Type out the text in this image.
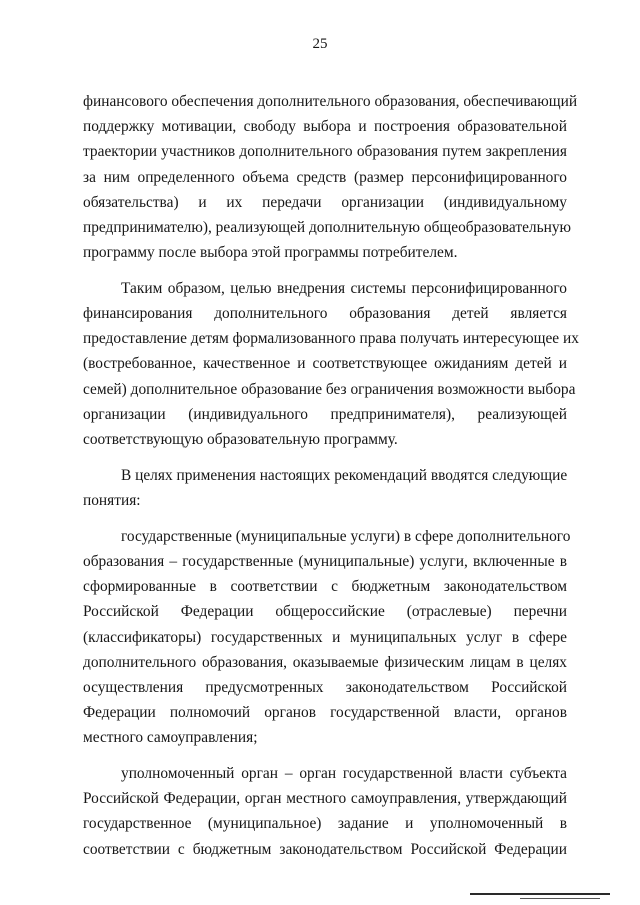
25
финансового обеспечения дополнительного образования, обеспечивающий
поддержку мотивации, свободу выбора и построения образовательной
траектории участников дополнительного образования путем закрепления
за ним определенного объема средств (размер персонифицированного
обязательства) и их передачи организации (индивидуальному
предпринимателю), реализующей дополнительную общеобразовательную
программу после выбора этой программы потребителем.
Таким образом, целью внедрения системы персонифицированного
финансирования дополнительного образования детей является
предоставление детям формализованного права получать интересующее их
(востребованное, качественное и соответствующее ожиданиям детей и
семей) дополнительное образование без ограничения возможности выбора
организации (индивидуального предпринимателя), реализующей
соответствующую образовательную программу.
В целях применения настоящих рекомендаций вводятся следующие
понятия:
государственные (муниципальные услуги) в сфере дополнительного
образования – государственные (муниципальные) услуги, включенные в
сформированные в соответствии с бюджетным законодательством
Российской Федерации общероссийские (отраслевые) перечни
(классификаторы) государственных и муниципальных услуг в сфере
дополнительного образования, оказываемые физическим лицам в целях
осуществления предусмотренных законодательством Российской
Федерации полномочий органов государственной власти, органов
местного самоуправления;
уполномоченный орган – орган государственной власти субъекта
Российской Федерации, орган местного самоуправления, утверждающий
государственное (муниципальное) задание и уполномоченный в
соответствии с бюджетным законодательством Российской Федерации
